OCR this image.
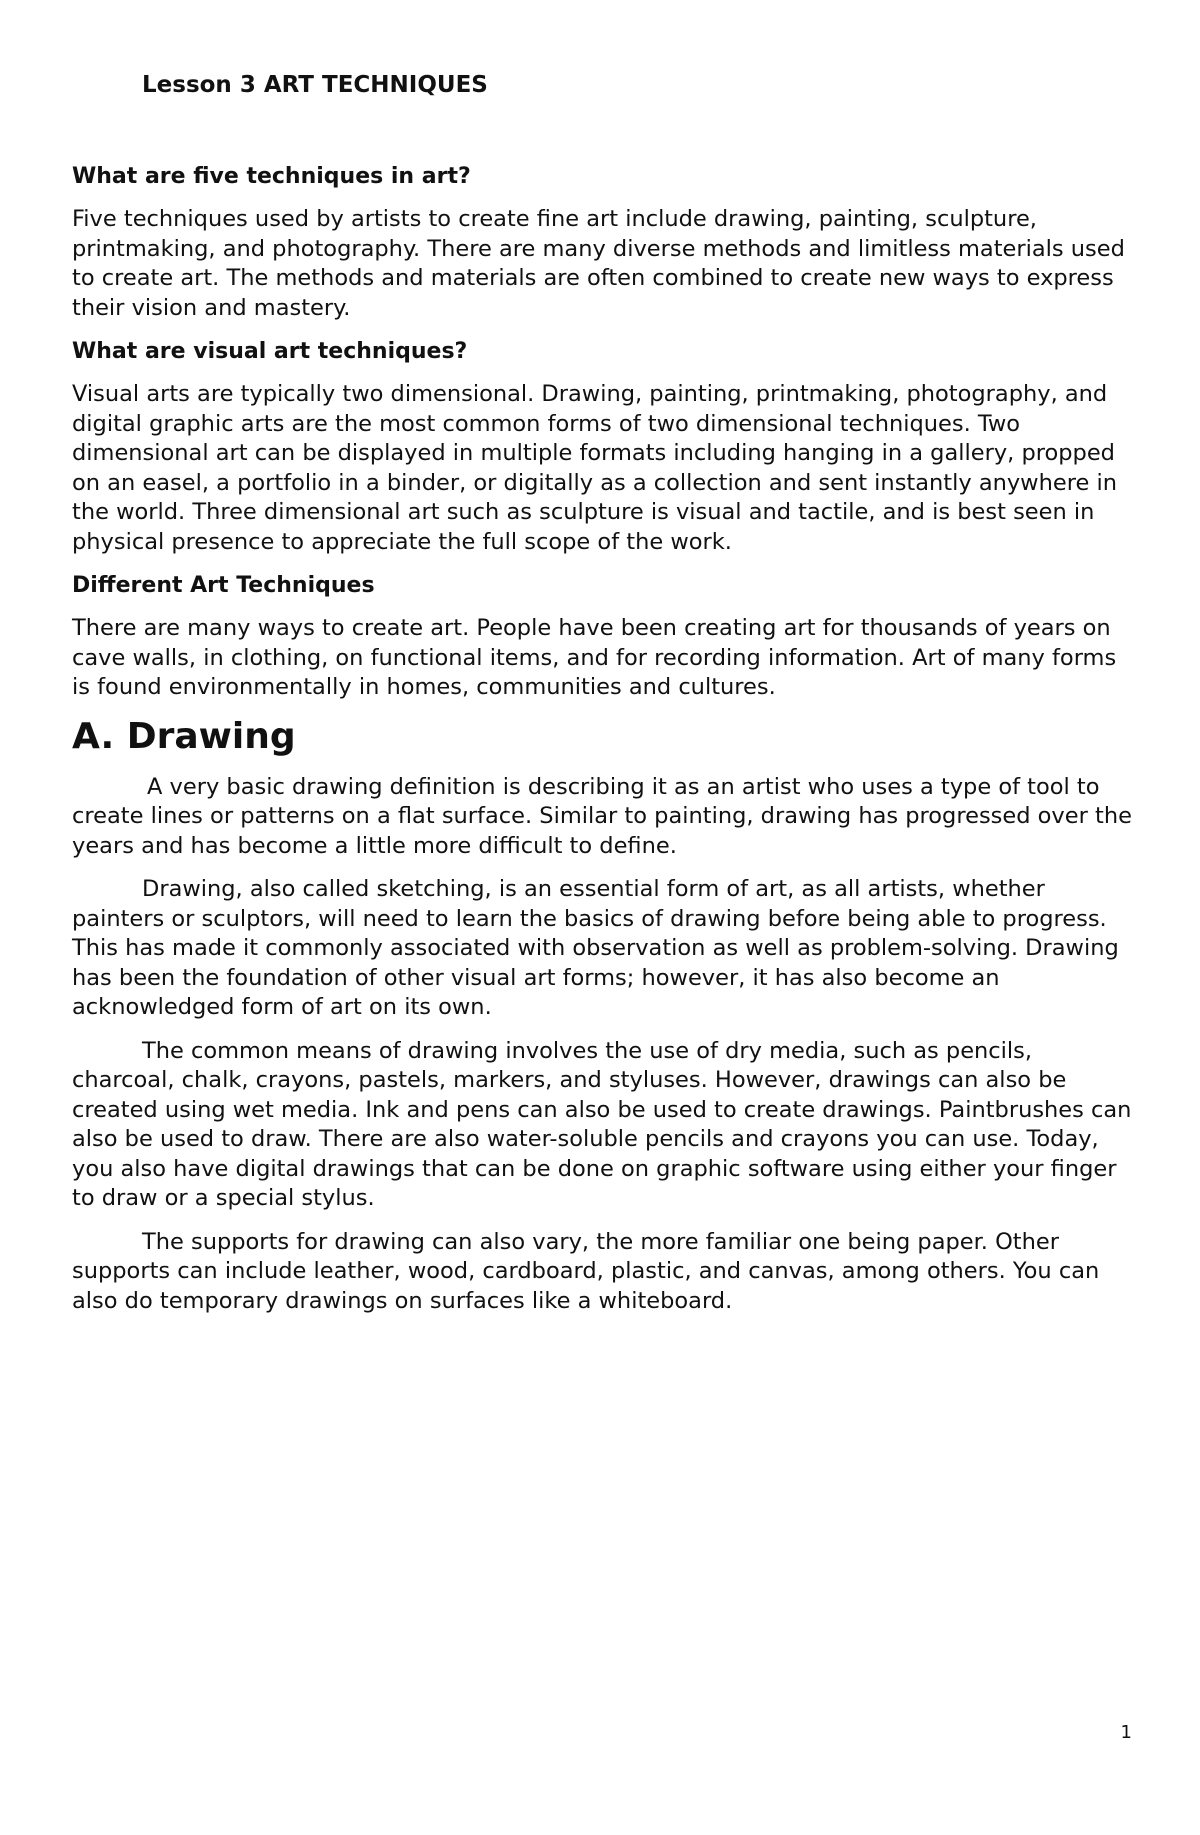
Lesson 3 ART TECHNIQUES
What are five techniques in art?

Five techniques used by artists to create fine art include drawing, painting, sculpture, printmaking, and photography. There are many diverse methods and limitless materials used to create art. The methods and materials are often combined to create new ways to express their vision and mastery.

What are visual art techniques?

Visual arts are typically two dimensional. Drawing, painting, printmaking, photography, and digital graphic arts are the most common forms of two dimensional techniques. Two dimensional art can be displayed in multiple formats including hanging in a gallery, propped on an easel, a portfolio in a binder, or digitally as a collection and sent instantly anywhere in the world. Three dimensional art such as sculpture is visual and tactile, and is best seen in physical presence to appreciate the full scope of the work.

Different Art Techniques

There are many ways to create art. People have been creating art for thousands of years on cave walls, in clothing, on functional items, and for recording information. Art of many forms is found environmentally in homes, communities and cultures.

A. Drawing

A very basic drawing definition is describing it as an artist who uses a type of tool to create lines or patterns on a flat surface. Similar to painting, drawing has progressed over the years and has become a little more difficult to define.

Drawing, also called sketching, is an essential form of art, as all artists, whether painters or sculptors, will need to learn the basics of drawing before being able to progress. This has made it commonly associated with observation as well as problem-solving. Drawing has been the foundation of other visual art forms; however, it has also become an acknowledged form of art on its own.

The common means of drawing involves the use of dry media, such as pencils, charcoal, chalk, crayons, pastels, markers, and styluses. However, drawings can also be created using wet media. Ink and pens can also be used to create drawings. Paintbrushes can also be used to draw. There are also water-soluble pencils and crayons you can use. Today, you also have digital drawings that can be done on graphic software using either your finger to draw or a special stylus.

The supports for drawing can also vary, the more familiar one being paper. Other supports can include leather, wood, cardboard, plastic, and canvas, among others. You can also do temporary drawings on surfaces like a whiteboard.

1
